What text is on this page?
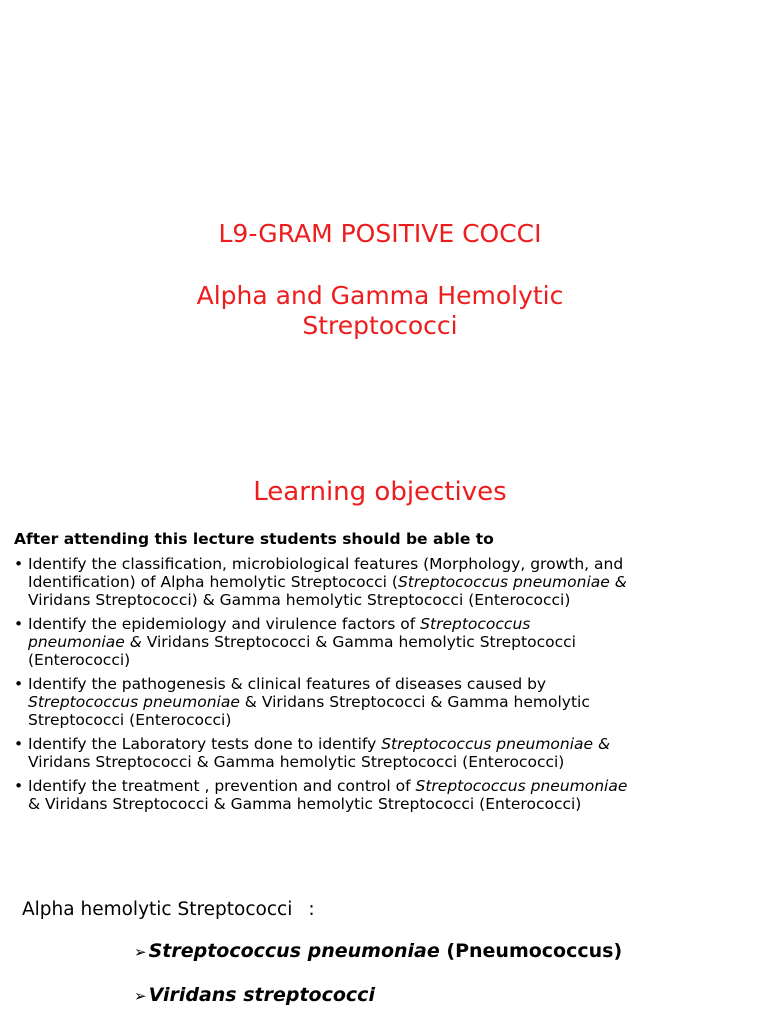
L9-GRAM POSITIVE COCCI
Alpha and Gamma Hemolytic
Streptococci
Learning objectives
After attending this lecture students should be able to
• Identify the classification, microbiological features (Morphology, growth, and
Identification) of Alpha hemolytic Streptococci (Streptococcus pneumoniae &
Viridans Streptococci) & Gamma hemolytic Streptococci (Enterococci)
• Identify the epidemiology and virulence factors of Streptococcus
pneumoniae & Viridans Streptococci & Gamma hemolytic Streptococci
(Enterococci)
• Identify the pathogenesis & clinical features of diseases caused by
Streptococcus pneumoniae & Viridans Streptococci & Gamma hemolytic
Streptococci (Enterococci)
• Identify the Laboratory tests done to identify Streptococcus pneumoniae &
Viridans Streptococci & Gamma hemolytic Streptococci (Enterococci)
• Identify the treatment , prevention and control of Streptococcus pneumoniae
& Viridans Streptococci & Gamma hemolytic Streptococci (Enterococci)
Alpha hemolytic Streptococci :
➢ Streptococcus pneumoniae (Pneumococcus)
➢ Viridans streptococci
